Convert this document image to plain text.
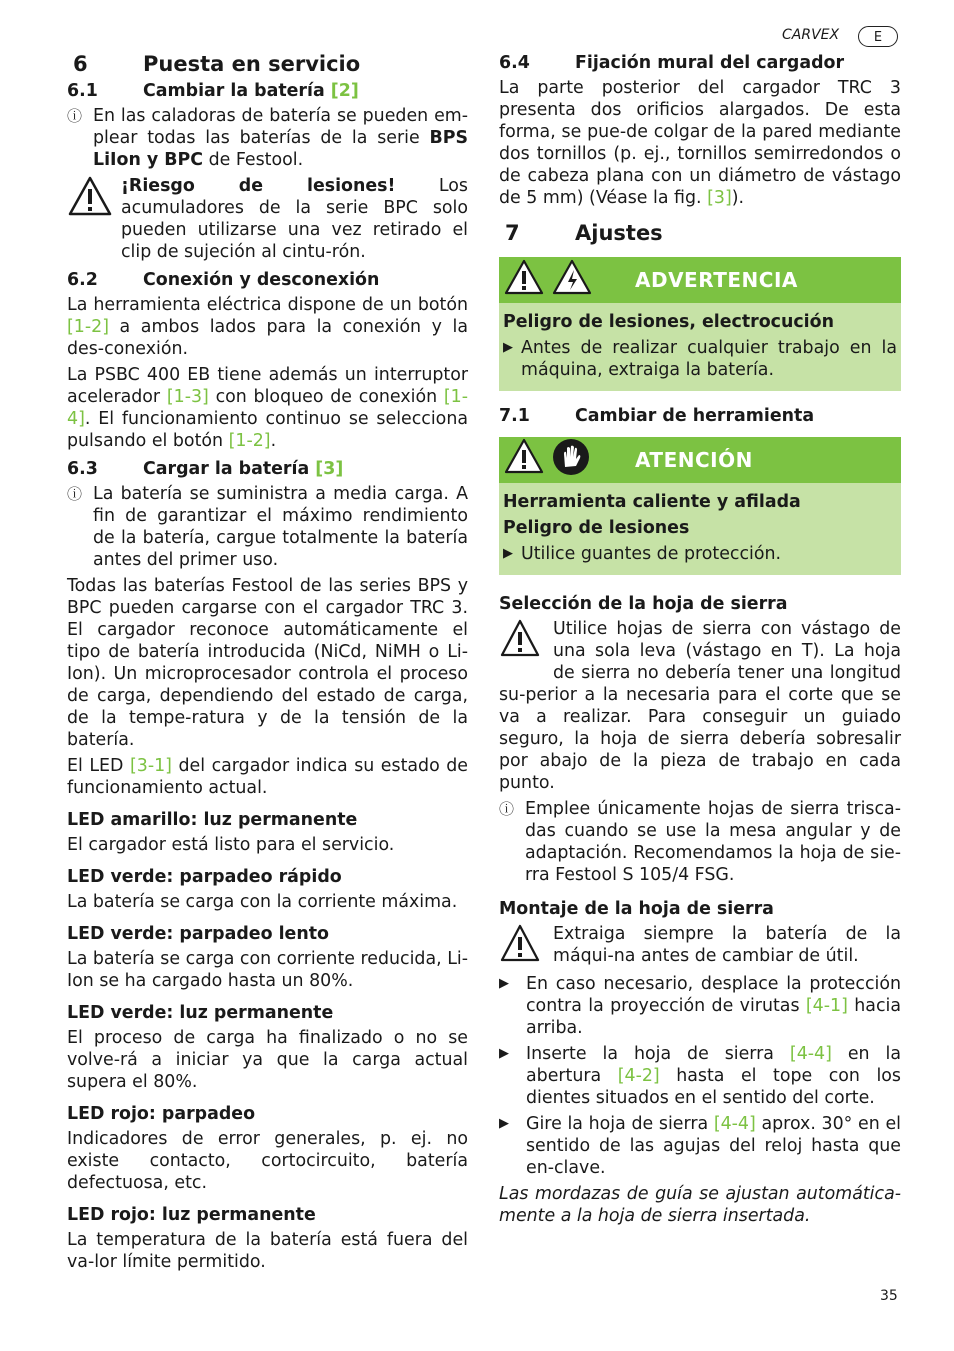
CARVEX	E
6	Puesta en servicio
6.1	Cambiar la batería [2]
ⓘ En las caladoras de batería se pueden em-plear todas las baterías de la serie BPS LiIon y BPC de Festool.
¡Riesgo de lesiones! Los acumuladores de la serie BPC solo pueden utilizarse una vez retirado el clip de sujeción al cintu-rón.
6.2	Conexión y desconexión

La herramienta eléctrica dispone de un botón [1-2] a ambos lados para la conexión y la des-conexión.

La PSBC 400 EB tiene además un interruptor acelerador [1-3] con bloqueo de conexión [1-4]. El funcionamiento continuo se selecciona pulsando el botón [1-2].

6.3	Cargar la batería [3]
ⓘ La batería se suministra a media carga. A fin de garantizar el máximo rendimiento de la batería, cargue totalmente la batería antes del primer uso.

Todas las baterías Festool de las series BPS y BPC pueden cargarse con el cargador TRC 3. El cargador reconoce automáticamente el tipo de batería introducida (NiCd, NiMH o Li-Ion). Un microprocesador controla el proceso de carga, dependiendo del estado de carga, de la tempe-ratura y de la tensión de la batería.

El LED [3-1] del cargador indica su estado de funcionamiento actual.

LED amarillo: luz permanente

El cargador está listo para el servicio.

LED verde: parpadeo rápido

La batería se carga con la corriente máxima.

LED verde: parpadeo lento

La batería se carga con corriente reducida, Li-Ion se ha cargado hasta un 80%.

LED verde: luz permanente

El proceso de carga ha finalizado o no se volve-rá a iniciar ya que la carga actual supera el 80%.

LED rojo: parpadeo

Indicadores de error generales, p. ej. no existe contacto, cortocircuito, batería defectuosa, etc.

LED rojo: luz permanente

La temperatura de la batería está fuera del va-lor límite permitido.

6.4	Fijación mural del cargador

La parte posterior del cargador TRC 3 presenta dos orificios alargados. De esta forma, se pue-de colgar de la pared mediante dos tornillos (p. ej., tornillos semirredondos o de cabeza plana con un diámetro de vástago de 5 mm) (Véase la fig. [3]).

7	Ajustes
ADVERTENCIA
Peligro de lesiones, electrocución
▶ Antes de realizar cualquier trabajo en la máquina, extraiga la batería.
7.1	Cambiar de herramienta
ATENCIÓN
Herramienta caliente y afilada
Peligro de lesiones
▶ Utilice guantes de protección.
Selección de la hoja de sierra
Utilice hojas de sierra con vástago de una sola leva (vástago en T). La hoja de sierra no debería tener una longitud su-perior a la necesaria para el corte que se va a realizar. Para conseguir un guiado seguro, la hoja de sierra debería sobresalir por abajo de la pieza de trabajo en cada punto.
ⓘ Emplee únicamente hojas de sierra trisca-das cuando se use la mesa angular y de adaptación. Recomendamos la hoja de sie-rra Festool S 105/4 FSG.
Montaje de la hoja de sierra
Extraiga siempre la batería de la máqui-na antes de cambiar de útil.
▶ En caso necesario, desplace la protección contra la proyección de virutas [4-1] hacia arriba.
▶ Inserte la hoja de sierra [4-4] en la abertura [4-2] hasta el tope con los dientes situados en el sentido del corte.
▶ Gire la hoja de sierra [4-4] aprox. 30° en el sentido de las agujas del reloj hasta que en-clave.

Las mordazas de guía se ajustan automática-mente a la hoja de sierra insertada.

35
